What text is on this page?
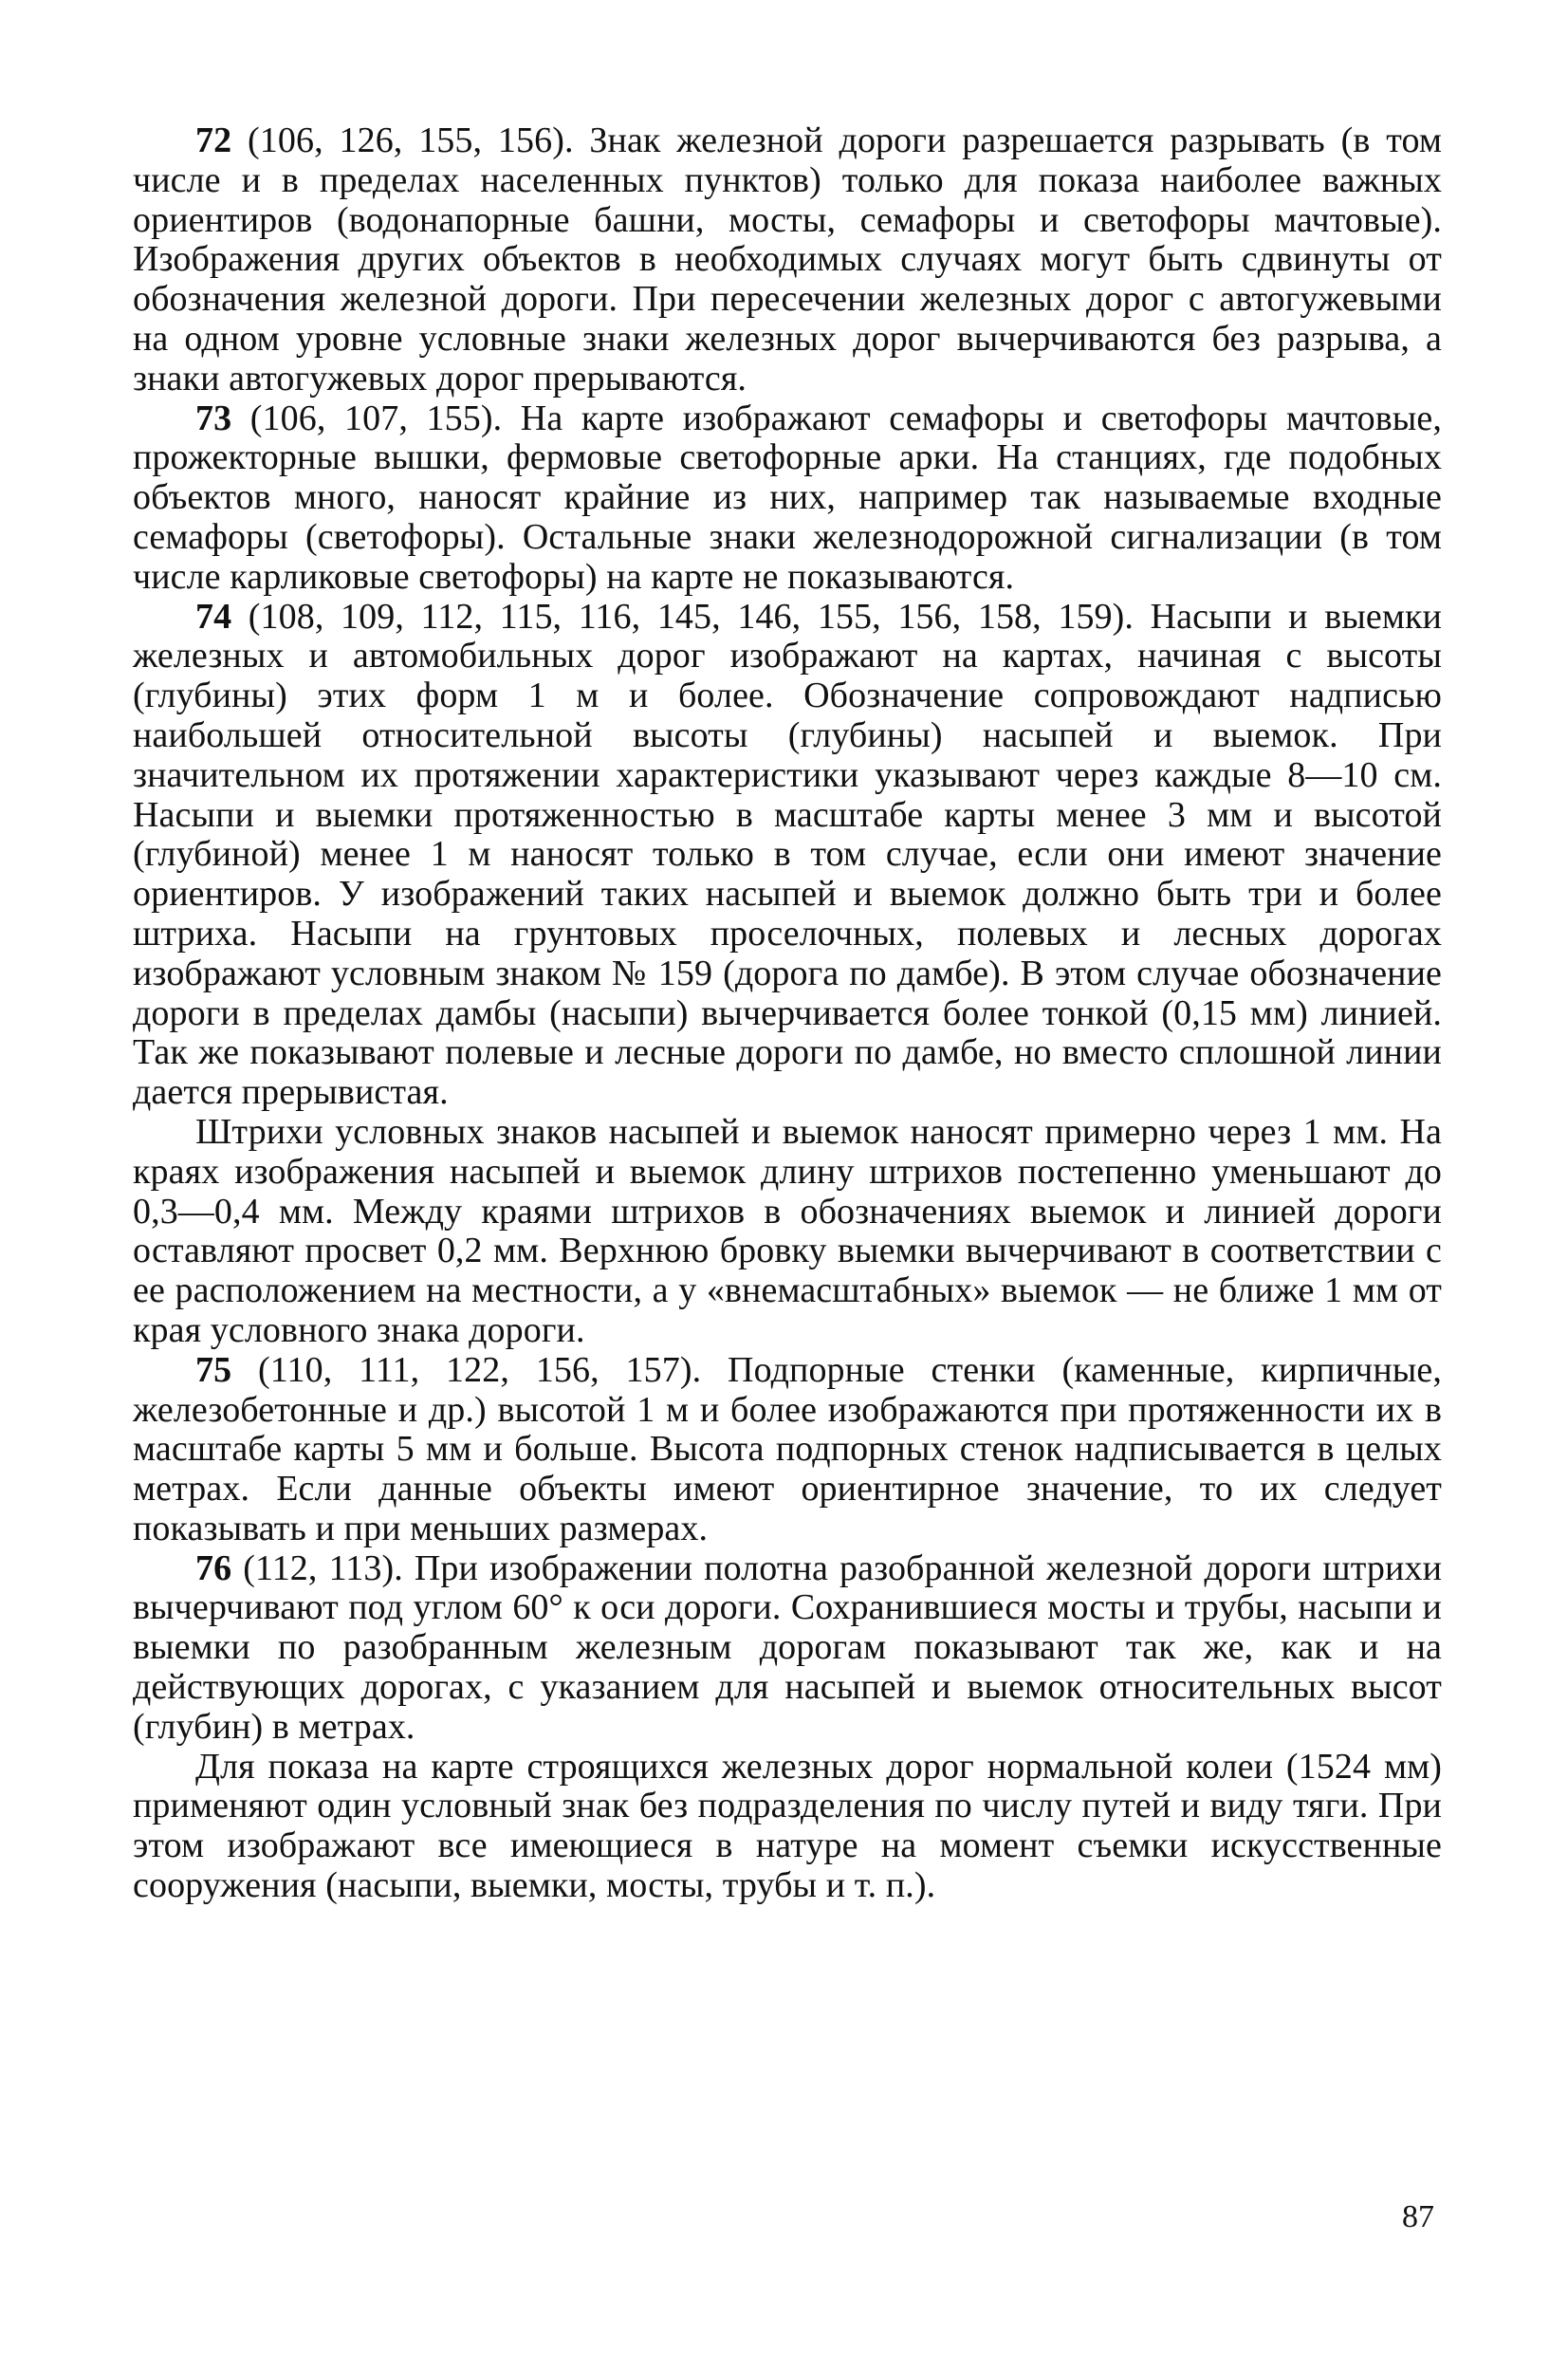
72 (106, 126, 155, 156). Знак железной дороги разрешается разрывать (в том числе и в пределах населенных пунктов) только для показа наиболее важных ориентиров (водонапорные башни, мосты, семафоры и светофоры мачтовые). Изображения других объектов в необходимых случаях могут быть сдвинуты от обозначения железной дороги. При пересечении железных дорог с автогужевыми на одном уровне условные знаки железных дорог вычерчиваются без разрыва, а знаки автогужевых дорог прерываются.

73 (106, 107, 155). На карте изображают семафоры и светофоры мачтовые, прожекторные вышки, фермовые светофорные арки. На станциях, где подобных объектов много, наносят крайние из них, например так называемые входные семафоры (светофоры). Остальные знаки железнодорожной сигнализации (в том числе карликовые светофоры) на карте не показываются.

74 (108, 109, 112, 115, 116, 145, 146, 155, 156, 158, 159). Насыпи и выемки железных и автомобильных дорог изображают на картах, начиная с высоты (глубины) этих форм 1 м и более. Обозначение сопровождают надписью наибольшей относительной высоты (глубины) насыпей и выемок. При значительном их протяжении характеристики указывают через каждые 8—10 см. Насыпи и выемки протяженностью в масштабе карты менее 3 мм и высотой (глубиной) менее 1 м наносят только в том случае, если они имеют значение ориентиров. У изображений таких насыпей и выемок должно быть три и более штриха. Насыпи на грунтовых проселочных, полевых и лесных дорогах изображают условным знаком № 159 (дорога по дамбе). В этом случае обозначение дороги в пределах дамбы (насыпи) вычерчивается более тонкой (0,15 мм) линией. Так же показывают полевые и лесные дороги по дамбе, но вместо сплошной линии дается прерывистая.

Штрихи условных знаков насыпей и выемок наносят примерно через 1 мм. На краях изображения насыпей и выемок длину штрихов постепенно уменьшают до 0,3—0,4 мм. Между краями штрихов в обозначениях выемок и линией дороги оставляют просвет 0,2 мм. Верхнюю бровку выемки вычерчивают в соответствии с ее расположением на местности, а у «внемасштабных» выемок — не ближе 1 мм от края условного знака дороги.

75 (110, 111, 122, 156, 157). Подпорные стенки (каменные, кирпичные, железобетонные и др.) высотой 1 м и более изображаются при протяженности их в масштабе карты 5 мм и больше. Высота подпорных стенок надписывается в целых метрах. Если данные объекты имеют ориентирное значение, то их следует показывать и при меньших размерах.

76 (112, 113). При изображении полотна разобранной железной дороги штрихи вычерчивают под углом 60° к оси дороги. Сохранившиеся мосты и трубы, насыпи и выемки по разобранным железным дорогам показывают так же, как и на действующих дорогах, с указанием для насыпей и выемок относительных высот (глубин) в метрах.

Для показа на карте строящихся железных дорог нормальной колеи (1524 мм) применяют один условный знак без подразделения по числу путей и виду тяги. При этом изображают все имеющиеся в натуре на момент съемки искусственные сооружения (насыпи, выемки, мосты, трубы и т. п.).

87
